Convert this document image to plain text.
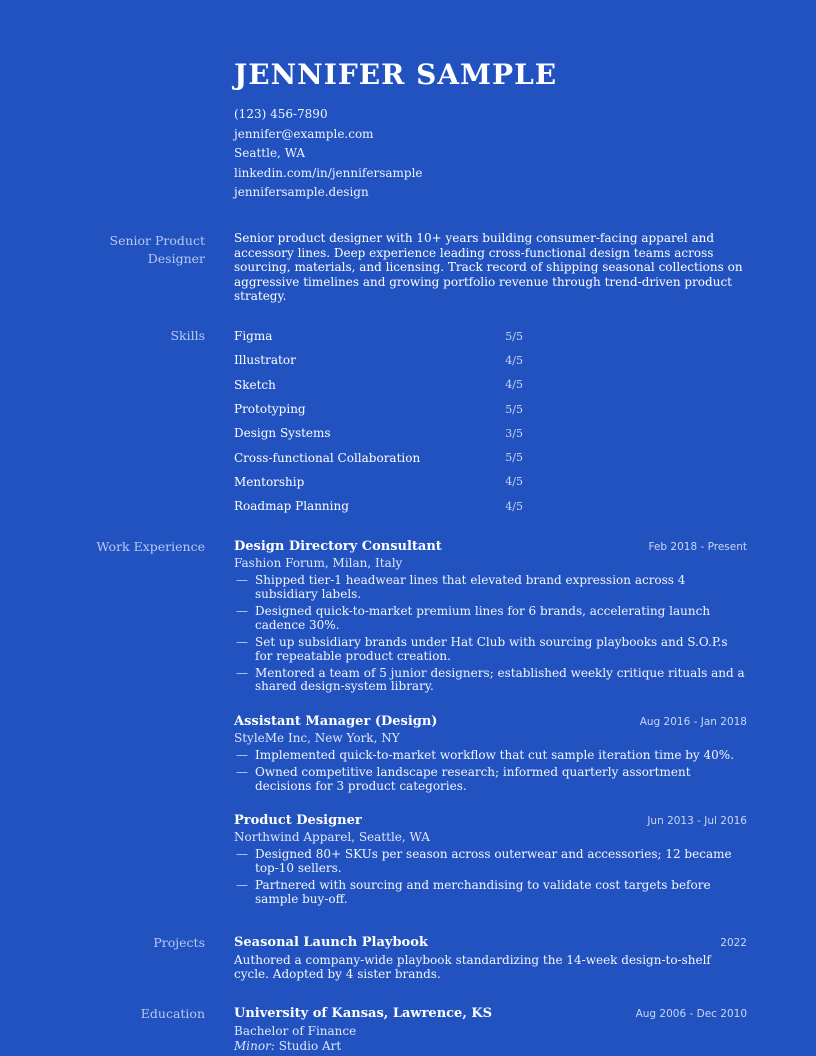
JENNIFER SAMPLE
(123) 456-7890
jennifer@example.com
Seattle, WA
linkedin.com/in/jennifersample
jennifersample.design
Senior Product
Designer
Senior product designer with 10+ years building consumer-facing apparel and accessory lines. Deep experience leading cross-functional design teams across sourcing, materials, and licensing. Track record of shipping seasonal collections on aggressive timelines and growing portfolio revenue through trend-driven product strategy.
Skills Figma	5/5
Illustrator	4/5
Sketch	4/5
Prototyping	5/5
Design Systems	3/5
Cross-functional Collaboration	5/5
Mentorship	4/5
Roadmap Planning	4/5
Work Experience Design Directory Consultant	Feb 2018 - Present
Fashion Forum, Milan, Italy
— Shipped tier-1 headwear lines that elevated brand expression across 4 subsidiary labels.
— Designed quick-to-market premium lines for 6 brands, accelerating launch cadence 30%.
— Set up subsidiary brands under Hat Club with sourcing playbooks and S.O.P.s for repeatable product creation.
— Mentored a team of 5 junior designers; established weekly critique rituals and a shared design-system library.
Assistant Manager (Design)	Aug 2016 - Jan 2018
StyleMe Inc, New York, NY
— Implemented quick-to-market workflow that cut sample iteration time by 40%.
— Owned competitive landscape research; informed quarterly assortment decisions for 3 product categories.
Product Designer	Jun 2013 - Jul 2016
Northwind Apparel, Seattle, WA
— Designed 80+ SKUs per season across outerwear and accessories; 12 became top-10 sellers.
— Partnered with sourcing and merchandising to validate cost targets before sample buy-off.
Projects Seasonal Launch Playbook	2022
Authored a company-wide playbook standardizing the 14-week design-to-shelf cycle. Adopted by 4 sister brands.
Education University of Kansas, Lawrence, KS	Aug 2006 - Dec 2010
Bachelor of Finance
Minor: Studio Art
